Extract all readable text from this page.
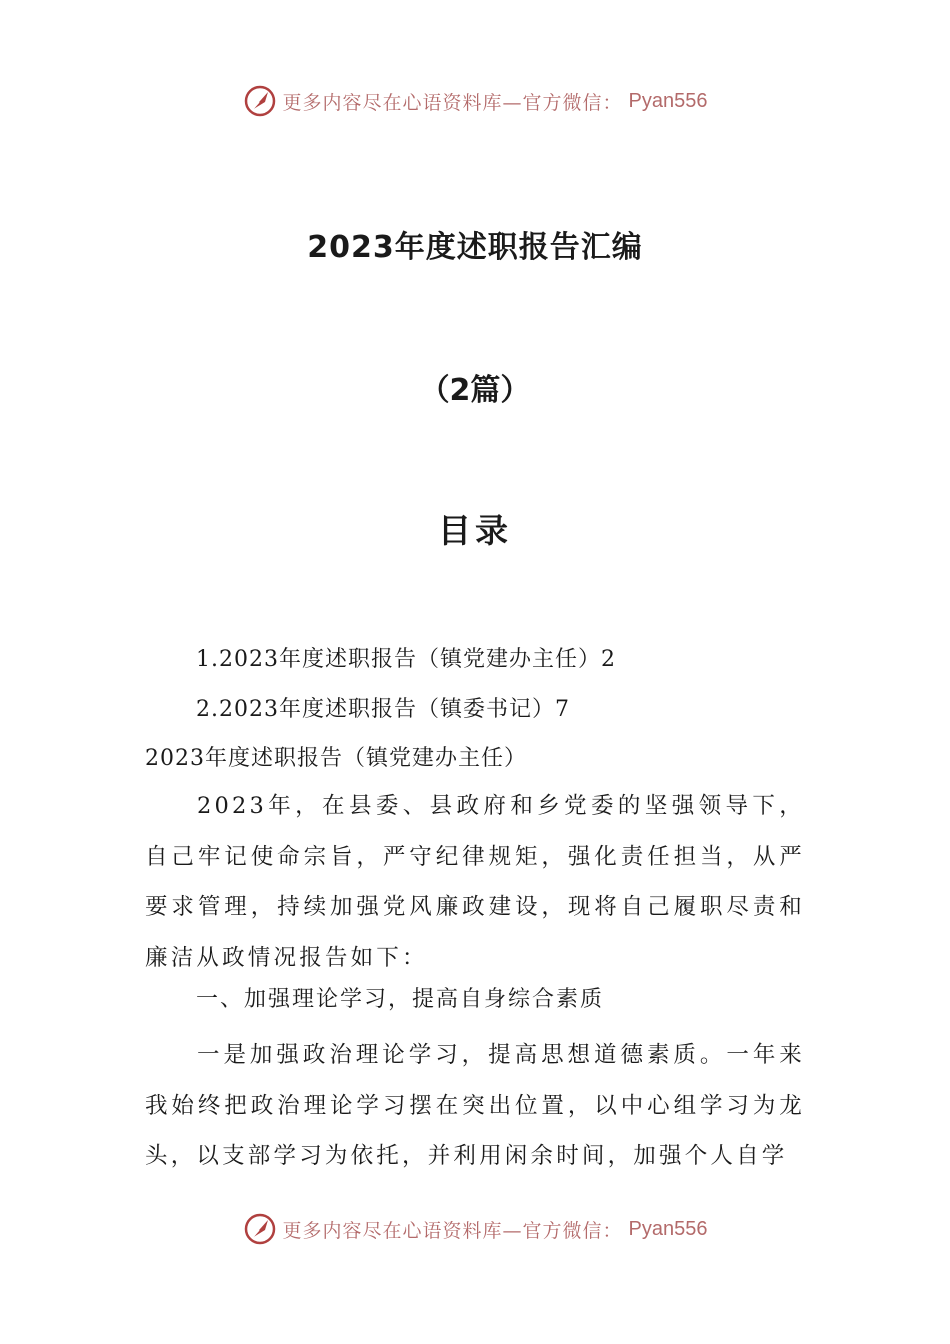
更多内容尽在心语资料库—官方微信： Pyan556
2023年度述职报告汇编
（2篇）
目录
1.2023年度述职报告（镇党建办主任）2
2.2023年度述职报告（镇委书记）7
2023年度述职报告（镇党建办主任）
2023年，在县委、县政府和乡党委的坚强领导下，自己牢记使命宗旨，严守纪律规矩，强化责任担当，从严要求管理，持续加强党风廉政建设，现将自己履职尽责和廉洁从政情况报告如下：
一、加强理论学习，提高自身综合素质
一是加强政治理论学习，提高思想道德素质。一年来我始终把政治理论学习摆在突出位置，以中心组学习为龙头，以支部学习为依托，并利用闲余时间，加强个人自学
更多内容尽在心语资料库—官方微信： Pyan556
